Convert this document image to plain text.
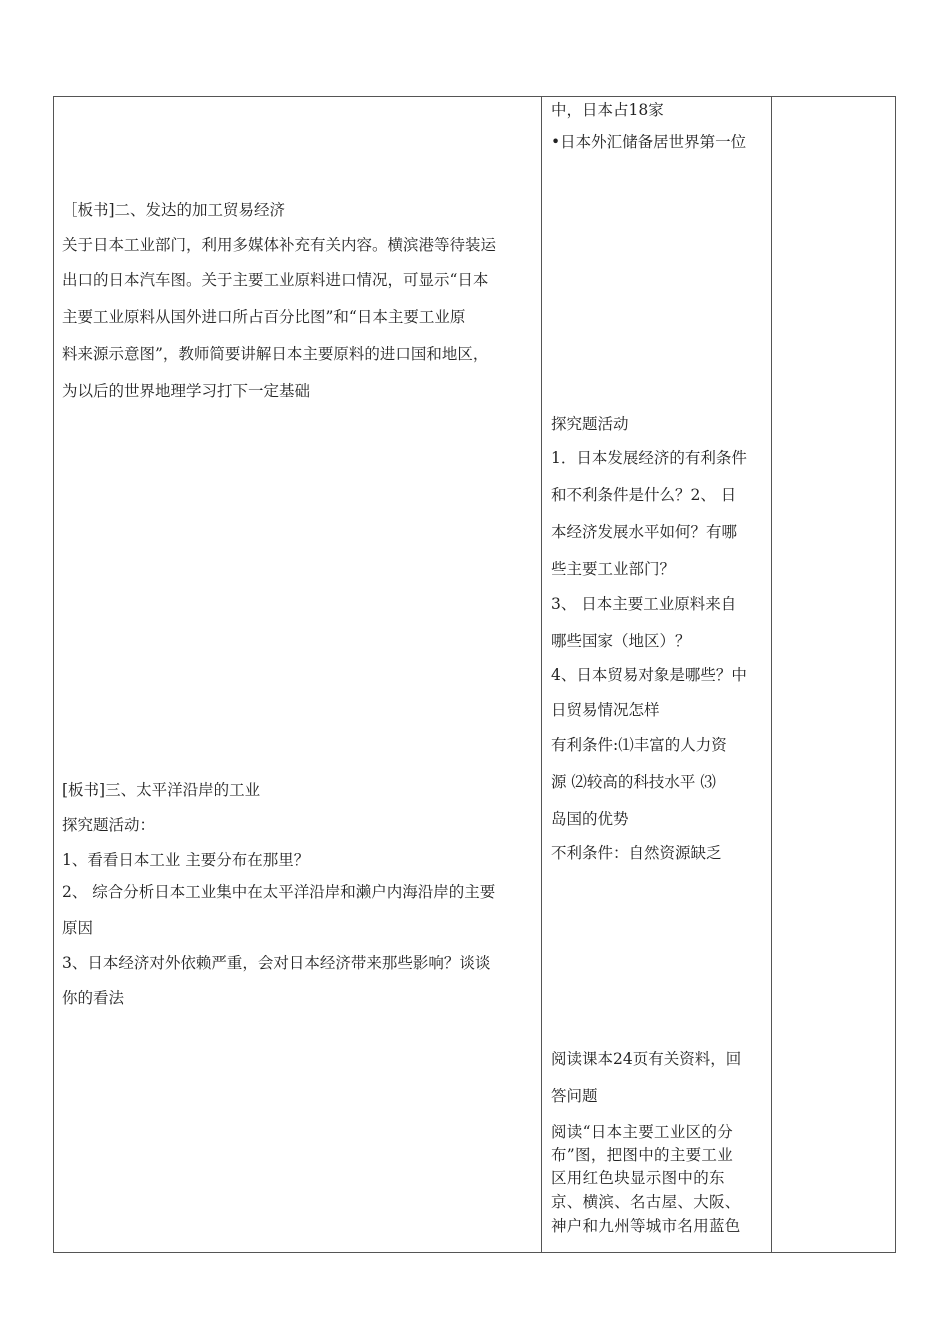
［板书]二、发达的加工贸易经济
关于日本工业部门，利用多媒体补充有关内容。横滨港等待装运
出口的日本汽车图。关于主要工业原料进口情况，可显示“日本
主要工业原料从国外进口所占百分比图”和“日本主要工业原
料来源示意图”，教师简要讲解日本主要原料的进口国和地区，
为以后的世界地理学习打下一定基础
[板书]三、太平洋沿岸的工业
探究题活动：
1、看看日本工业 主要分布在那里？
2、 综合分析日本工业集中在太平洋沿岸和濑户内海沿岸的主要
原因
3、日本经济对外依赖严重，会对日本经济带来那些影响？谈谈
你的看法
中，日本占18家
•日本外汇储备居世界第一位
探究题活动
1．日本发展经济的有利条件
和不利条件是什么？2、 日
本经济发展水平如何？有哪
些主要工业部门？
3、 日本主要工业原料来自
哪些国家（地区）？
4、日本贸易对象是哪些？中
日贸易情况怎样
有利条件:⑴丰富的人力资
源 ⑵较高的科技水平 ⑶
岛国的优势
不利条件：自然资源缺乏
阅读课本24页有关资料，回
答问题
阅读“日本主要工业区的分
布”图，把图中的主要工业
区用红色块显示图中的东
京、横滨、名古屋、大阪、
神户和九州等城市名用蓝色
